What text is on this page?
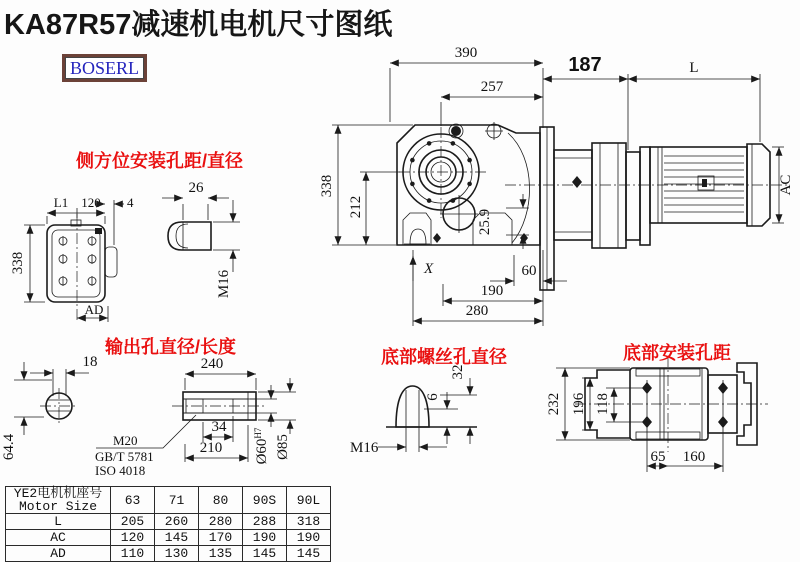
390
257
338
212
25.9
60
190
280
X
187	L
AC
L1 120 4
338
AD
26
M16
18
64.4
240
M20
GB/T 5781
ISO 4018
34
210 $Ø60^{H7}$
Ø85
6
32
M16
232 196 118
65 160
KA87R57减速机电机尺寸图纸
BOSERL
侧方位安装孔距/直径
输出孔直径/长度	底部螺丝孔直径	底部安装孔距
YE2电机机座号
Motor Size	63	71	80	90S	90L
L	205	260	280	288	318
AC	120	145	170	190	190
AD	110	130	135	145	145
